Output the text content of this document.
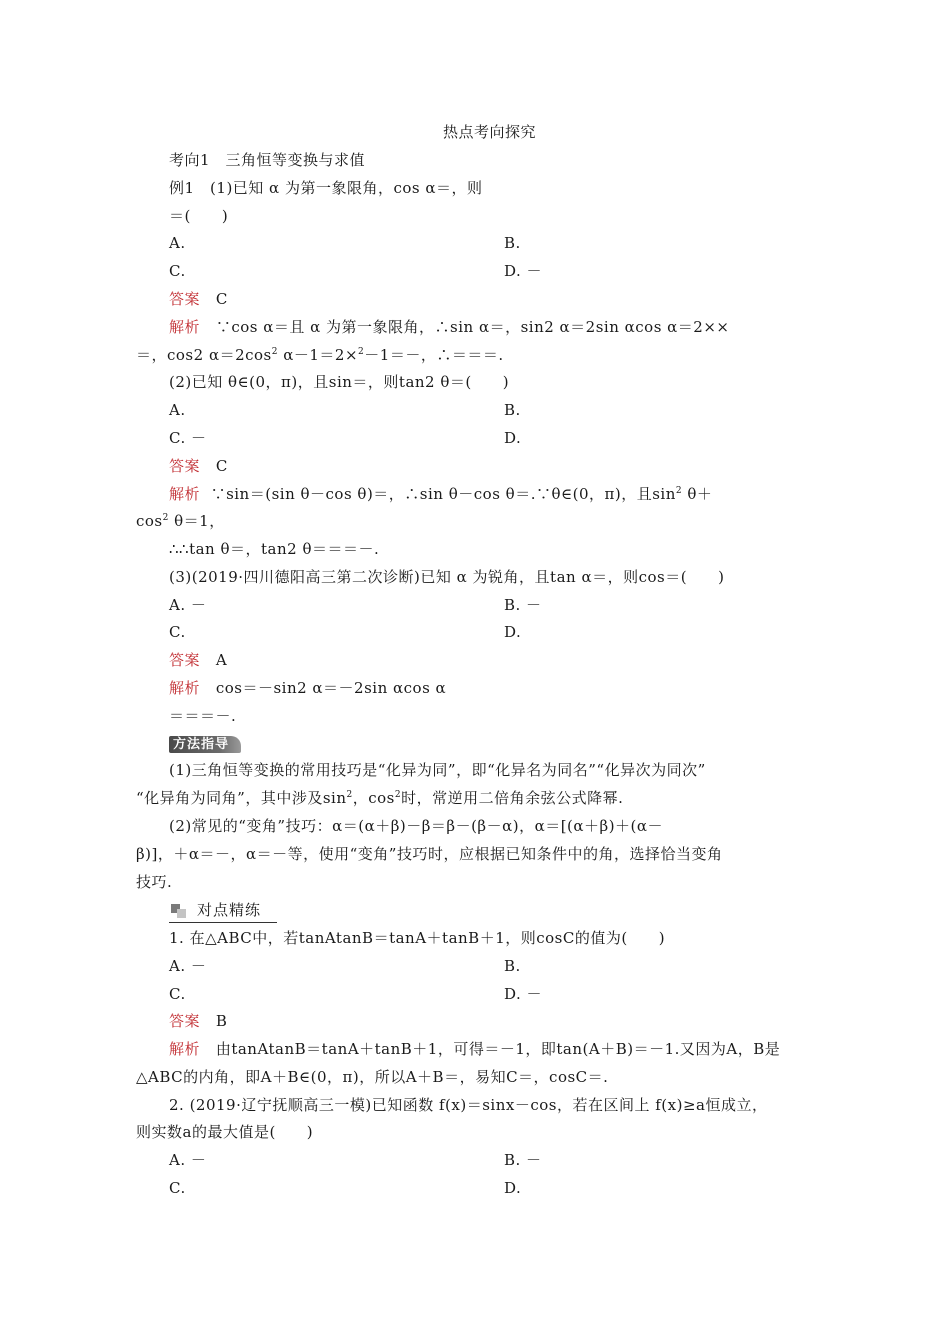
热点考向探究
考向1　三角恒等变换与求值
例1　(1)已知 α 为第一象限角，cos α＝，则
＝(　　)
A.	B.
C.	D. －
答案 C
解析 ∵cos α＝且 α 为第一象限角，∴sin α＝，sin2 α＝2sin αcos α＝2××
＝，cos2 $\alpha=2\cos^2$ α－1＝2×$^2$－1＝－，∴＝＝＝.
(2)已知 θ∈(0，π)，且sin＝，则tan2 θ＝(　　)
A.	B.
C. －	D.
答案 C
解析 ∵sin＝(sin θ－cos θ)＝，∴sin θ－cos θ＝.∵θ∈(0，π)，且$\sin^2 \theta+$
$\cos^2 \theta=1$，
∴∴tan θ＝，tan2 θ＝＝＝－.
(3)(2019·四川德阳高三第二次诊断)已知 α 为锐角，且tan α＝，则cos＝(　　)
A. －	B. －
C.	D.
答案 A
解析 cos＝－sin2 α＝－2sin αcos α
＝＝＝－.
方法指导
(1)三角恒等变换的常用技巧是“化异为同”，即“化异名为同名”“化异次为同次”
“化异角为同角”，其中涉及$\sin^2$，$\cos^2$时，常逆用二倍角余弦公式降幂.
(2)常见的“变角”技巧：α＝(α＋β)－β＝β－(β－α)，α＝[(α＋β)＋(α－
β)]，＋α＝－，α＝－等，使用“变角”技巧时，应根据已知条件中的角，选择恰当变角
技巧.
对点精练
1. 在△ABC中，若tanAtanB＝tanA＋tanB＋1，则cosC的值为(　　)
A. －	B.
C.	D. －
答案 B
解析 由tanAtanB＝tanA＋tanB＋1，可得＝－1，即tan(A＋B)＝－1.又因为A，B是
△ABC的内角，即A＋B∈(0，π)，所以A＋B＝，易知C＝，cosC＝.
2. (2019·辽宁抚顺高三一模)已知函数 f(x)＝sinx－cos，若在区间上 f(x)≥a恒成立，
则实数a的最大值是(　　)
A. －	B. －
C.	D.
